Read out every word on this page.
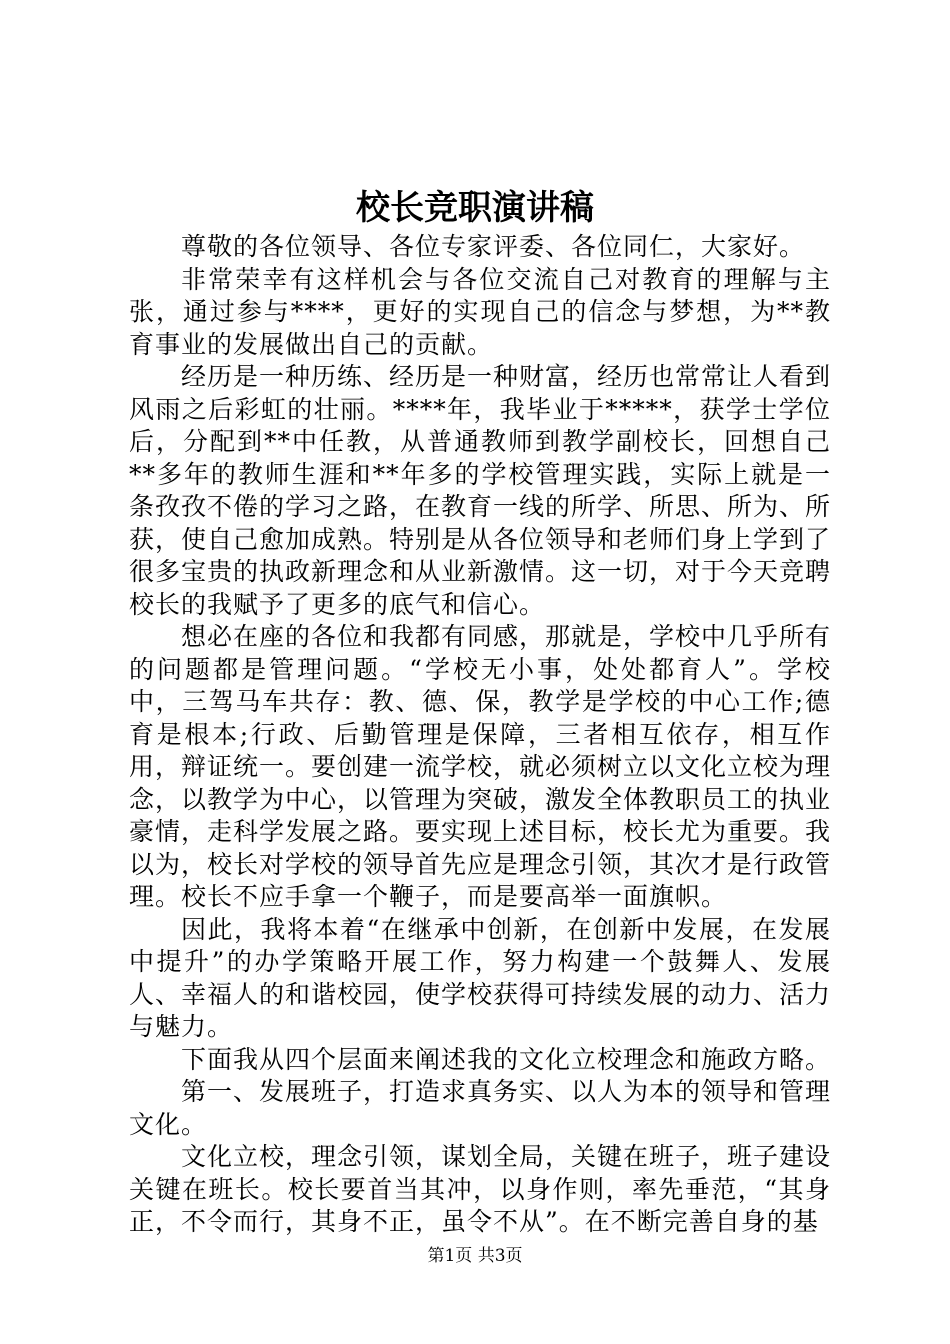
校长竞职演讲稿

尊敬的各位领导、各位专家评委、各位同仁，大家好。

非常荣幸有这样机会与各位交流自己对教育的理解与主张，通过参与****，更好的实现自己的信念与梦想，为**教育事业的发展做出自己的贡献。

经历是一种历练、经历是一种财富，经历也常常让人看到风雨之后彩虹的壮丽。****年，我毕业于*****，获学士学位后，分配到**中任教，从普通教师到教学副校长，回想自己**多年的教师生涯和**年多的学校管理实践，实际上就是一条孜孜不倦的学习之路，在教育一线的所学、所思、所为、所获，使自己愈加成熟。特别是从各位领导和老师们身上学到了很多宝贵的执政新理念和从业新激情。这一切，对于今天竞聘校长的我赋予了更多的底气和信心。

想必在座的各位和我都有同感，那就是，学校中几乎所有的问题都是管理问题。“学校无小事，处处都育人”。学校中，三驾马车共存：教、德、保，教学是学校的中心工作;德育是根本;行政、后勤管理是保障，三者相互依存，相互作用，辩证统一。要创建一流学校，就必须树立以文化立校为理念，以教学为中心，以管理为突破，激发全体教职员工的执业豪情，走科学发展之路。要实现上述目标，校长尤为重要。我以为，校长对学校的领导首先应是理念引领，其次才是行政管理。校长不应手拿一个鞭子，而是要高举一面旗帜。

因此，我将本着“在继承中创新，在创新中发展，在发展中提升”的办学策略开展工作，努力构建一个鼓舞人、发展人、幸福人的和谐校园，使学校获得可持续发展的动力、活力与魅力。

下面我从四个层面来阐述我的文化立校理念和施政方略。

第一、发展班子，打造求真务实、以人为本的领导和管理文化。

文化立校，理念引领，谋划全局，关键在班子，班子建设关键在班长。校长要首当其冲，以身作则，率先垂范，“其身正，不令而行，其身不正，虽令不从”。在不断完善自身的基

第1页 共3页
